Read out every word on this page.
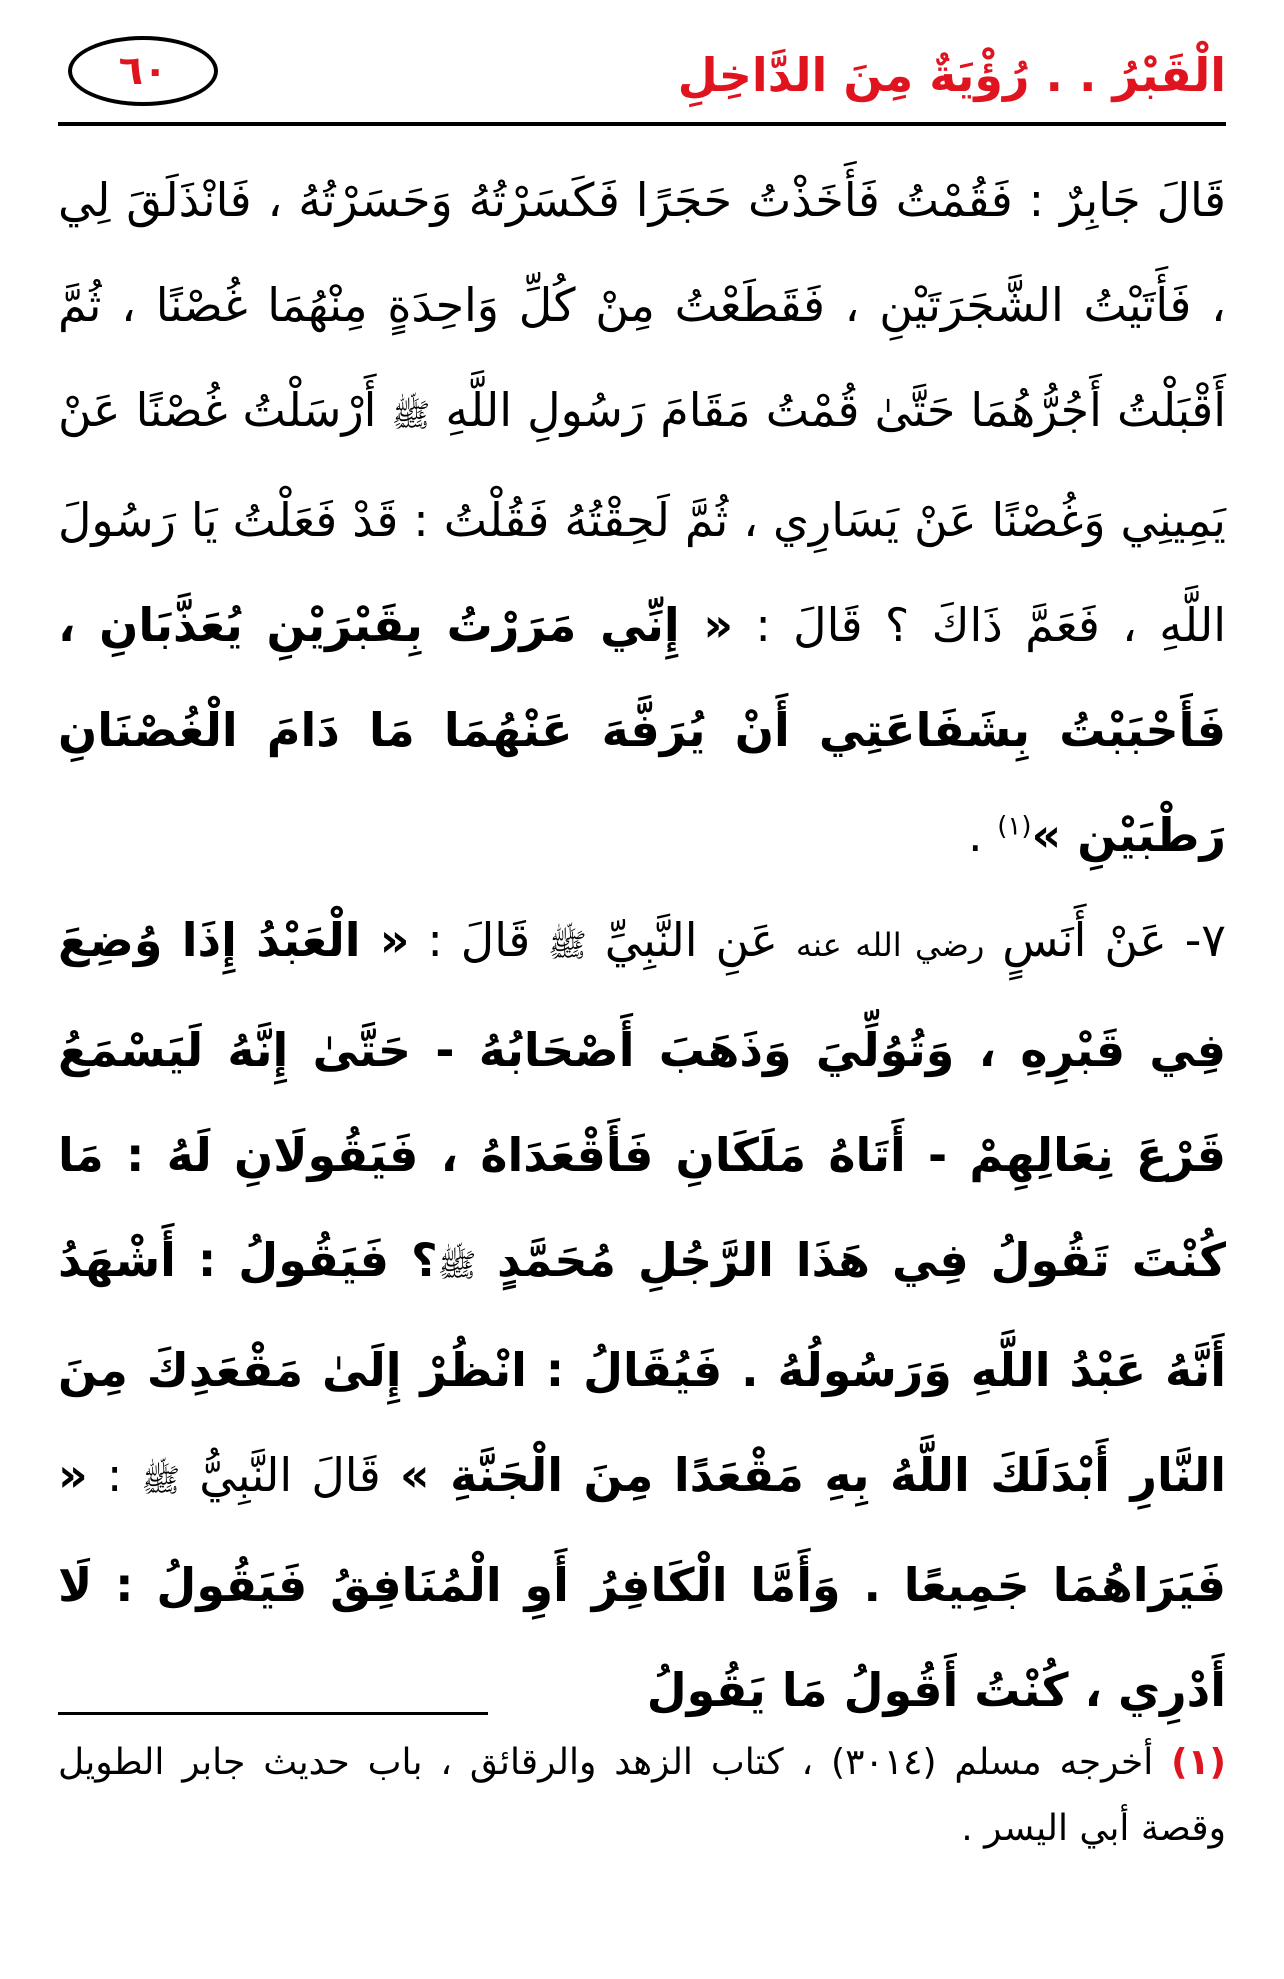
الْقَبْرُ . . رُؤْيَةٌ مِنَ الدَّاخِلِ
٦٠

قَالَ جَابِرٌ : فَقُمْتُ فَأَخَذْتُ حَجَرًا فَكَسَرْتُهُ وَحَسَرْتُهُ ، فَانْذَلَقَ لِي ، فَأَتَيْتُ الشَّجَرَتَيْنِ ، فَقَطَعْتُ مِنْ كُلِّ وَاحِدَةٍ مِنْهُمَا غُصْنًا ، ثُمَّ أَقْبَلْتُ أَجُرُّهُمَا حَتَّىٰ قُمْتُ مَقَامَ رَسُولِ اللَّهِ ﷺ أَرْسَلْتُ غُصْنًا عَنْ يَمِينِي وَغُصْنًا عَنْ يَسَارِي ، ثُمَّ لَحِقْتُهُ فَقُلْتُ : قَدْ فَعَلْتُ يَا رَسُولَ اللَّهِ ، فَعَمَّ ذَاكَ ؟ قَالَ : « إِنِّي مَرَرْتُ بِقَبْرَيْنِ يُعَذَّبَانِ ، فَأَحْبَبْتُ بِشَفَاعَتِي أَنْ يُرَفَّهَ عَنْهُمَا مَا دَامَ الْغُصْنَانِ رَطْبَيْنِ »$^{(١)}$ .

٧- عَنْ أَنَسٍ رضي الله عنه عَنِ النَّبِيِّ ﷺ قَالَ : « الْعَبْدُ إِذَا وُضِعَ فِي قَبْرِهِ ، وَتُوُلِّيَ وَذَهَبَ أَصْحَابُهُ - حَتَّىٰ إِنَّهُ لَيَسْمَعُ قَرْعَ نِعَالِهِمْ - أَتَاهُ مَلَكَانِ فَأَقْعَدَاهُ ، فَيَقُولَانِ لَهُ : مَا كُنْتَ تَقُولُ فِي هَذَا الرَّجُلِ مُحَمَّدٍ ﷺ؟ فَيَقُولُ : أَشْهَدُ أَنَّهُ عَبْدُ اللَّهِ وَرَسُولُهُ . فَيُقَالُ : انْظُرْ إِلَىٰ مَقْعَدِكَ مِنَ النَّارِ أَبْدَلَكَ اللَّهُ بِهِ مَقْعَدًا مِنَ الْجَنَّةِ » قَالَ النَّبِيُّ ﷺ : « فَيَرَاهُمَا جَمِيعًا . وَأَمَّا الْكَافِرُ أَوِ الْمُنَافِقُ فَيَقُولُ : لَا أَدْرِي ، كُنْتُ أَقُولُ مَا يَقُولُ

(١) أخرجه مسلم (٣٠١٤) ، كتاب الزهد والرقائق ، باب حديث جابر الطويل وقصة أبي اليسر .
